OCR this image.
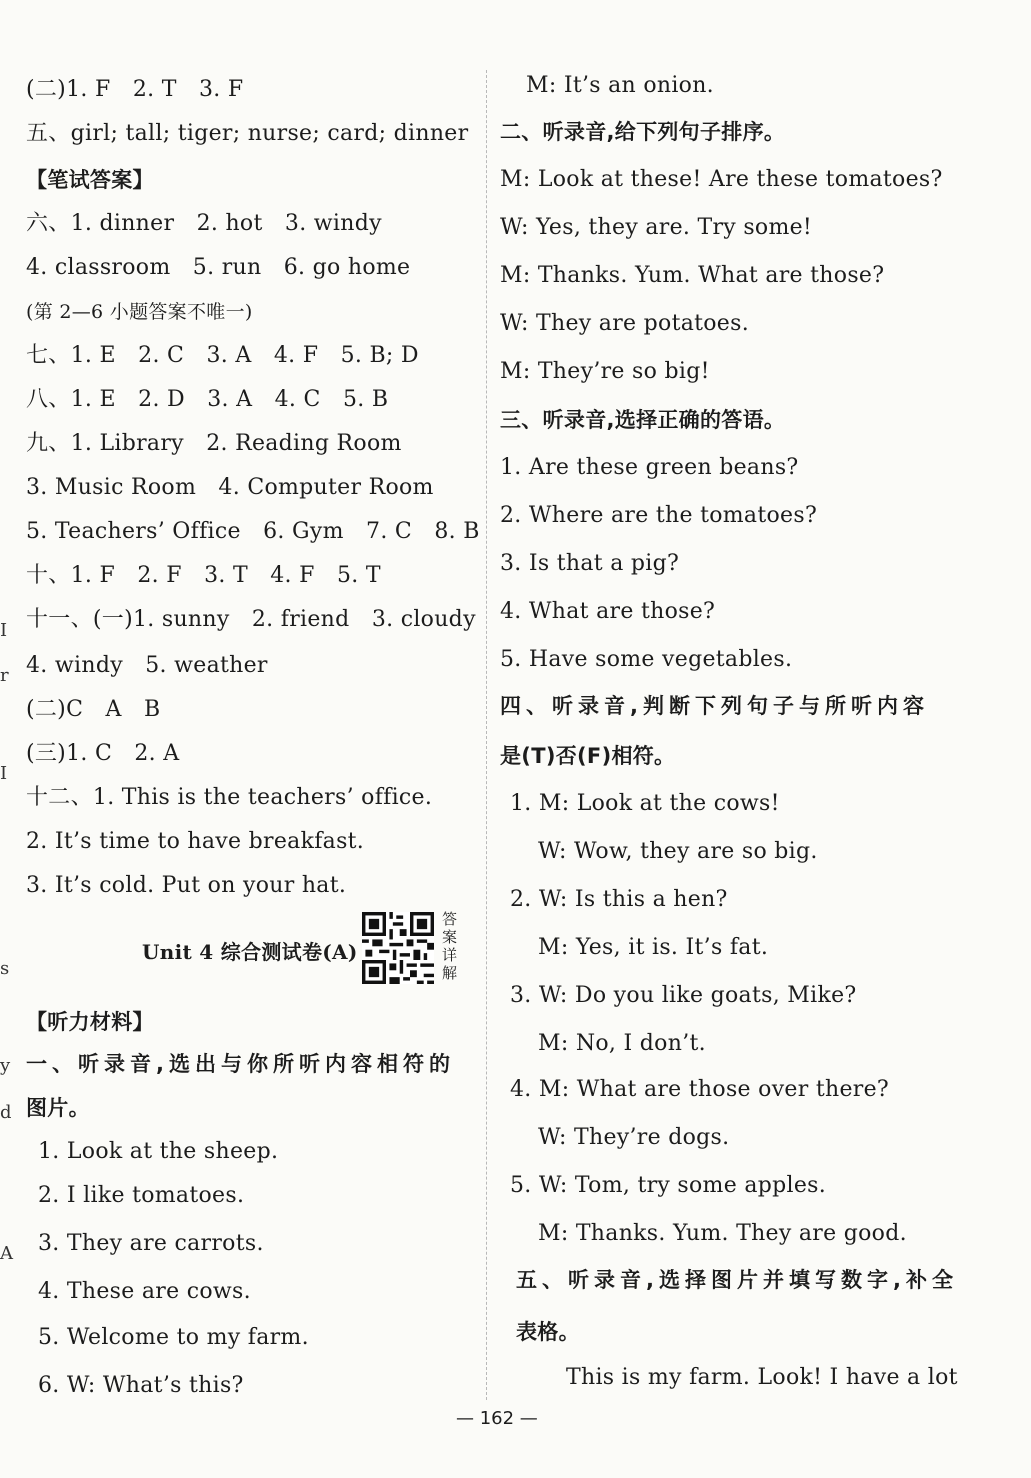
I
r
I
s
y
d
A
(二)1. F　2. T　3. F
五、girl; tall; tiger; nurse; card; dinner
【笔试答案】
六、1. dinner　2. hot　3. windy
4. classroom　5. run　6. go home
(第 2—6 小题答案不唯一)
七、1. E　2. C　3. A　4. F　5. B; D
八、1. E　2. D　3. A　4. C　5. B
九、1. Library　2. Reading Room
3. Music Room　4. Computer Room
5. Teachers’ Office　6. Gym　7. C　8. B
十、1. F　2. F　3. T　4. F　5. T
十一、(一)1. sunny　2. friend　3. cloudy
4. windy　5. weather
(二)C　A　B
(三)1. C　2. A
十二、1. This is the teachers’ office.
2. It’s time to have breakfast.
3. It’s cold. Put on your hat.
Unit 4 综合测试卷(A)
【听力材料】
一、听录音,选出与你所听内容相符的
图片。
1. Look at the sheep.
2. I like tomatoes.
3. They are carrots.
4. These are cows.
5. Welcome to my farm.
6. W: What’s this?
答案详解
M: It’s an onion.
二、听录音,给下列句子排序。
M: Look at these! Are these tomatoes?
W: Yes, they are. Try some!
M: Thanks. Yum. What are those?
W: They are potatoes.
M: They’re so big!
三、听录音,选择正确的答语。
1. Are these green beans?
2. Where are the tomatoes?
3. Is that a pig?
4. What are those?
5. Have some vegetables.
四、听录音,判断下列句子与所听内容
是(T)否(F)相符。
1. M: Look at the cows!
W: Wow, they are so big.
2. W: Is this a hen?
M: Yes, it is. It’s fat.
3. W: Do you like goats, Mike?
M: No, I don’t.
4. M: What are those over there?
W: They’re dogs.
5. W: Tom, try some apples.
M: Thanks. Yum. They are good.
五、听录音,选择图片并填写数字,补全
表格。
This is my farm. Look! I have a lot
— 162 —
